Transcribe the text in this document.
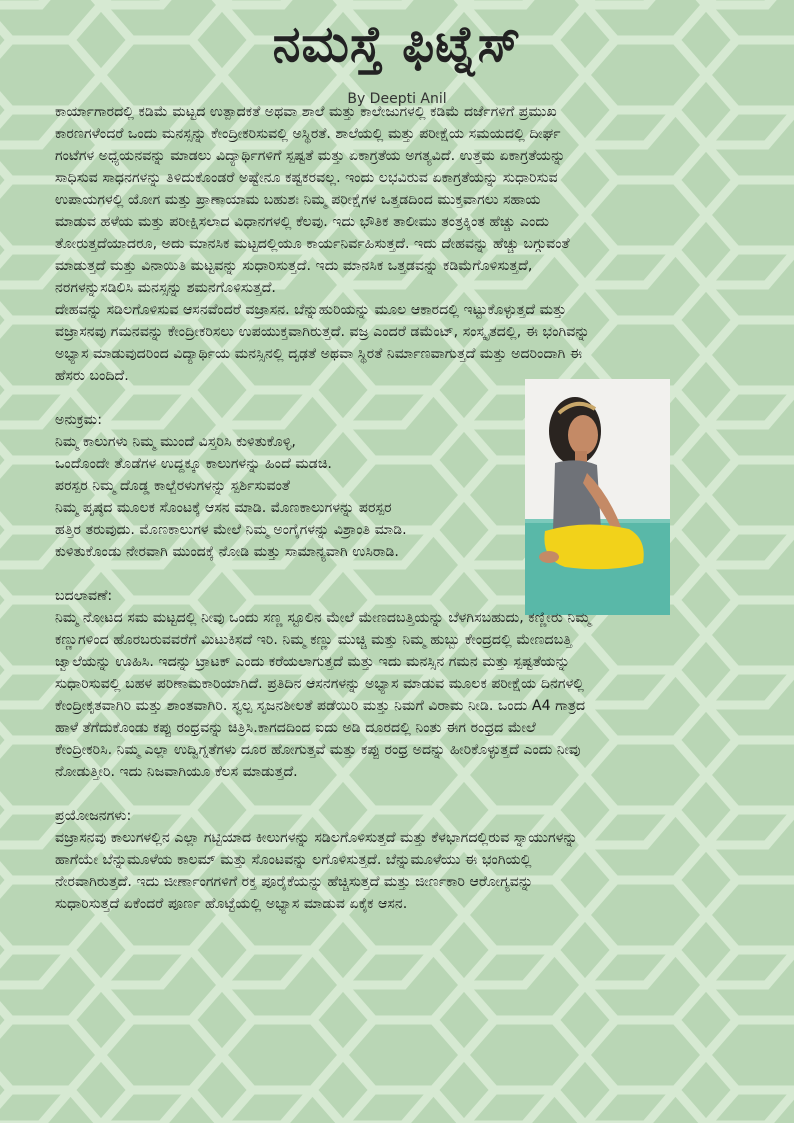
ನಮಸ್ತೆ ಫಿಟ್ನೆಸ್
By Deepti Anil
ಕಾರ್ಯಾಗಾರದಲ್ಲಿ ಕಡಿಮೆ ಮಟ್ಟದ ಉತ್ಪಾದಕತೆ ಅಥವಾ ಶಾಲೆ ಮತ್ತು ಕಾಲೇಜುಗಳಲ್ಲಿ ಕಡಿಮೆ ದರ್ಜೆಗಳಿಗೆ ಪ್ರಮುಖ
ಕಾರಣಗಳೆಂದರೆ ಒಂದು ಮನಸ್ಸನ್ನು ಕೇಂದ್ರೀಕರಿಸುವಲ್ಲಿ ಅಸ್ಥಿರತೆ. ಶಾಲೆಯಲ್ಲಿ ಮತ್ತು ಪರೀಕ್ಷೆಯ ಸಮಯದಲ್ಲಿ ದೀರ್ಘ
ಗಂಟೆಗಳ ಅಧ್ಯಯನವನ್ನು ಮಾಡಲು ವಿದ್ಯಾರ್ಥಿಗಳಿಗೆ ಸ್ಪಷ್ಟತೆ ಮತ್ತು ಏಕಾಗ್ರತೆಯ ಅಗತ್ಯವಿದೆ. ಉತ್ತಮ ಏಕಾಗ್ರತೆಯನ್ನು
ಸಾಧಿಸುವ ಸಾಧನಗಳನ್ನು ತಿಳಿದುಕೊಂಡರೆ ಅಷ್ಟೇನೂ ಕಷ್ಟಕರವಲ್ಲ. ಇಂದು ಲಭವಿರುವ ಏಕಾಗ್ರತೆಯನ್ನು ಸುಧಾರಿಸುವ
ಉಪಾಯಗಳಲ್ಲಿ ಯೋಗ ಮತ್ತು ಪ್ರಾಣಾಯಾಮ ಬಹುಶಃ ನಿಮ್ಮ ಪರೀಕ್ಷೆಗಳ ಒತ್ತಡದಿಂದ ಮುಕ್ತವಾಗಲು ಸಹಾಯ
ಮಾಡುವ ಹಳೆಯ ಮತ್ತು ಪರೀಕ್ಷಿಸಲಾದ ವಿಧಾನಗಳಲ್ಲಿ ಕೆಲವು. ಇದು ಭೌತಿಕ ತಾಲೀಮು ತಂತ್ರಕ್ಕಿಂತ ಹೆಚ್ಚು ಎಂದು
ತೋರುತ್ತದೆಯಾದರೂ, ಅದು ಮಾನಸಿಕ ಮಟ್ಟದಲ್ಲಿಯೂ ಕಾರ್ಯನಿರ್ವಹಿಸುತ್ತದೆ. ಇದು ದೇಹವನ್ನು ಹೆಚ್ಚು ಬಗ್ಗುವಂತೆ
ಮಾಡುತ್ತದೆ ಮತ್ತು ವಿನಾಯಿತಿ ಮಟ್ಟವನ್ನು ಸುಧಾರಿಸುತ್ತದೆ. ಇದು ಮಾನಸಿಕ ಒತ್ತಡವನ್ನು ಕಡಿಮೆಗೊಳಿಸುತ್ತದೆ,
ನರಗಳನ್ನುಸಡಿಲಿಸಿ ಮನಸ್ಸನ್ನು ಶಮನಗೊಳಿಸುತ್ತದೆ.
ದೇಹವನ್ನು ಸಡಿಲಗೊಳಿಸುವ ಆಸನವೆಂದರೆ ವಜ್ರಾಸನ. ಬೆನ್ನುಹುರಿಯನ್ನು ಮೂಲ ಆಕಾರದಲ್ಲಿ ಇಟ್ಟುಕೊಳ್ಳುತ್ತದೆ ಮತ್ತು
ವಜ್ರಾಸನವು ಗಮನವನ್ನು ಕೇಂದ್ರೀಕರಿಸಲು ಉಪಯುಕ್ತವಾಗಿರುತ್ತದೆ. ವಜ್ರ ಎಂದರೆ ಡಮೆಂಟ್, ಸಂಸ್ಕೃತದಲ್ಲಿ, ಈ ಭಂಗಿವನ್ನು
ಅಭ್ಯಾಸ ಮಾಡುವುದರಿಂದ ವಿದ್ಯಾರ್ಥಿಯ ಮನಸ್ಸಿನಲ್ಲಿ ದೃಢತೆ ಅಥವಾ ಸ್ಥಿರತೆ ನಿರ್ಮಾಣವಾಗುತ್ತದೆ ಮತ್ತು ಅದರಿಂದಾಗಿ ಈ
ಹೆಸರು ಬಂದಿದೆ.
ಅನುಕ್ರಮ:
ನಿಮ್ಮ ಕಾಲುಗಳು ನಿಮ್ಮ ಮುಂದೆ ವಿಸ್ತರಿಸಿ ಕುಳಿತುಕೊಳ್ಳಿ,
ಒಂದೊಂದೇ ತೊಡೆಗಳ ಉದ್ದಕ್ಕೂ ಕಾಲುಗಳನ್ನು ಹಿಂದೆ ಮಡಚಿ.
ಪರಸ್ಪರ ನಿಮ್ಮ ದೊಡ್ಡ ಕಾಲ್ಬೆರಳುಗಳನ್ನು ಸ್ಪರ್ಶಿಸುವಂತೆ
ನಿಮ್ಮ ಪೃಷ್ಠದ ಮೂಲಕ ಸೊಂಟಕ್ಕೆ ಆಸನ ಮಾಡಿ. ಮೊಣಕಾಲುಗಳನ್ನು ಪರಸ್ಪರ
ಹತ್ತಿರ ತರುವುದು. ಮೊಣಕಾಲುಗಳ ಮೇಲೆ ನಿಮ್ಮ ಅಂಗೈಗಳನ್ನು ವಿಶ್ರಾಂತಿ ಮಾಡಿ.
ಕುಳಿತುಕೊಂಡು ನೇರವಾಗಿ ಮುಂದಕ್ಕೆ ನೋಡಿ ಮತ್ತು ಸಾಮಾನ್ಯವಾಗಿ ಉಸಿರಾಡಿ.
ಬದಲಾವಣೆ:
ನಿಮ್ಮ ನೋಟದ ಸಮ ಮಟ್ಟದಲ್ಲಿ ನೀವು ಒಂದು ಸಣ್ಣ ಸ್ಟೂಲಿನ ಮೇಲೆ ಮೇಣದಬತ್ತಿಯನ್ನು ಬೆಳಗಿಸಬಹುದು, ಕಣ್ಣೀರು ನಿಮ್ಮ
ಕಣ್ಣುಗಳಿಂದ ಹೊರಬರುವವರೆಗೆ ಮಿಟುಕಿಸದೆ ಇರಿ. ನಿಮ್ಮ ಕಣ್ಣು ಮುಚ್ಚಿ ಮತ್ತು ನಿಮ್ಮ ಹುಬ್ಬು ಕೇಂದ್ರದಲ್ಲಿ ಮೇಣದಬತ್ತಿ
ಜ್ವಾಲೆಯನ್ನು ಊಹಿಸಿ. ಇದನ್ನು ಟ್ರಾಟಕ್ ಎಂದು ಕರೆಯಲಾಗುತ್ತದೆ ಮತ್ತು ಇದು ಮನಸ್ಸಿನ ಗಮನ ಮತ್ತು ಸ್ಪಷ್ಟತೆಯನ್ನು
ಸುಧಾರಿಸುವಲ್ಲಿ ಬಹಳ ಪರಿಣಾಮಕಾರಿಯಾಗಿದೆ. ಪ್ರತಿದಿನ ಆಸನಗಳನ್ನು ಅಭ್ಯಾಸ ಮಾಡುವ ಮೂಲಕ ಪರೀಕ್ಷೆಯ ದಿನಗಳಲ್ಲಿ
ಕೇಂದ್ರೀಕೃತವಾಗಿರಿ ಮತ್ತು ಶಾಂತವಾಗಿರಿ. ಸ್ವಲ್ಪ ಸೃಜನಶೀಲತೆ ಪಡೆಯಿರಿ ಮತ್ತು ನಿಮಗೆ ವಿರಾಮ ನೀಡಿ. ಒಂದು A4 ಗಾತ್ರದ
ಹಾಳೆ ತೆಗೆದುಕೊಂಡು ಕಪ್ಪು ರಂಧ್ರವನ್ನು ಚಿತ್ರಿಸಿ.ಕಾಗದದಿಂದ ಐದು ಅಡಿ ದೂರದಲ್ಲಿ ನಿಂತು ಈಗ ರಂಧ್ರದ ಮೇಲೆ
ಕೇಂದ್ರೀಕರಿಸಿ. ನಿಮ್ಮ ಎಲ್ಲಾ ಉದ್ವಿಗ್ನತೆಗಳು ದೂರ ಹೋಗುತ್ತವೆ ಮತ್ತು ಕಪ್ಪು ರಂಧ್ರ ಅದನ್ನು ಹೀರಿಕೊಳ್ಳುತ್ತದೆ ಎಂದು ನೀವು
ನೋಡುತ್ತೀರಿ. ಇದು ನಿಜವಾಗಿಯೂ ಕೆಲಸ ಮಾಡುತ್ತದೆ.
ಪ್ರಯೋಜನಗಳು:
ವಜ್ರಾಸನವು ಕಾಲುಗಳಲ್ಲಿನ ಎಲ್ಲಾ ಗಟ್ಟಿಯಾದ ಕೀಲುಗಳನ್ನು ಸಡಿಲಗೊಳಿಸುತ್ತದೆ ಮತ್ತು ಕೆಳಭಾಗದಲ್ಲಿರುವ ಸ್ನಾಯುಗಳನ್ನು
ಹಾಗೆಯೇ ಬೆನ್ನುಮೂಳೆಯ ಕಾಲಮ್ ಮತ್ತು ಸೊಂಟವನ್ನು ಲಗೊಳಿಸುತ್ತದೆ. ಬೆನ್ನುಮೂಳೆಯು ಈ ಭಂಗಿಯಲ್ಲಿ
ನೇರವಾಗಿರುತ್ತದೆ. ಇದು ಜೀರ್ಣಾಂಗಗಳಿಗೆ ರಕ್ತ ಪೂರೈಕೆಯನ್ನು ಹೆಚ್ಚಿಸುತ್ತದೆ ಮತ್ತು ಜೀರ್ಣಕಾರಿ ಆರೋಗ್ಯವನ್ನು
ಸುಧಾರಿಸುತ್ತದೆ ಏಕೆಂದರೆ ಪೂರ್ಣ ಹೊಟ್ಟೆಯಲ್ಲಿ ಅಭ್ಯಾಸ ಮಾಡುವ ಏಕೈಕ ಆಸನ.
